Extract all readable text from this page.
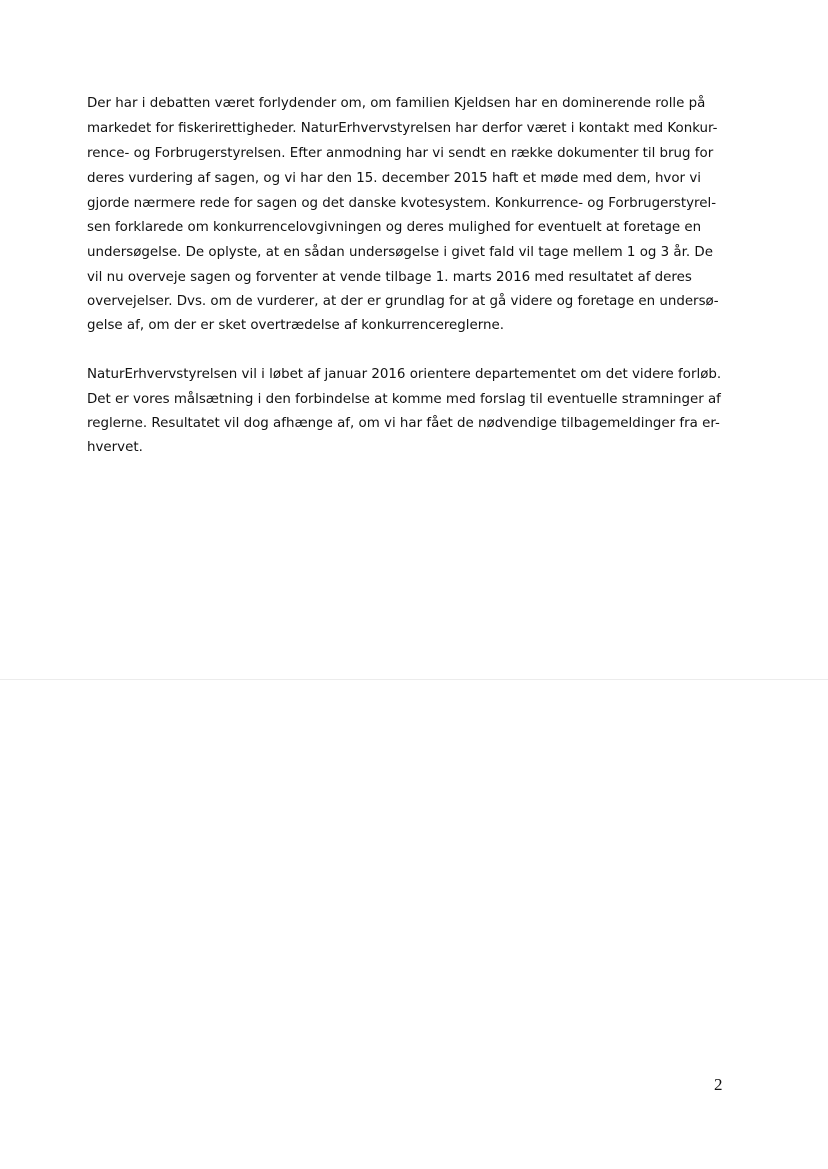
Der har i debatten været forlydender om, om familien Kjeldsen har en dominerende rolle på
markedet for fiskerirettigheder. NaturErhvervstyrelsen har derfor været i kontakt med Konkur-
rence- og Forbrugerstyrelsen. Efter anmodning har vi sendt en række dokumenter til brug for
deres vurdering af sagen, og vi har den 15. december 2015 haft et møde med dem, hvor vi
gjorde nærmere rede for sagen og det danske kvotesystem. Konkurrence- og Forbrugerstyrel-
sen forklarede om konkurrencelovgivningen og deres mulighed for eventuelt at foretage en
undersøgelse. De oplyste, at en sådan undersøgelse i givet fald vil tage mellem 1 og 3 år. De
vil nu overveje sagen og forventer at vende tilbage 1. marts 2016 med resultatet af deres
overvejelser. Dvs. om de vurderer, at der er grundlag for at gå videre og foretage en undersø-
gelse af, om der er sket overtrædelse af konkurrencereglerne.
NaturErhvervstyrelsen vil i løbet af januar 2016 orientere departementet om det videre forløb.
Det er vores målsætning i den forbindelse at komme med forslag til eventuelle stramninger af
reglerne. Resultatet vil dog afhænge af, om vi har fået de nødvendige tilbagemeldinger fra er-
hvervet.
2
